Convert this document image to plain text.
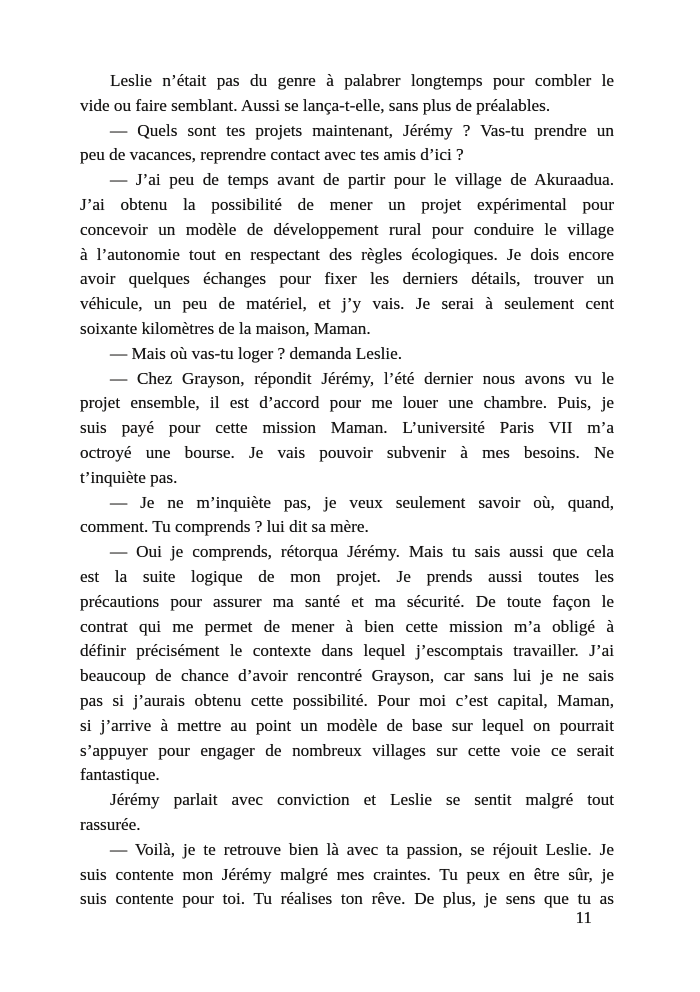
Leslie n’était pas du genre à palabrer longtemps pour combler le
vide ou faire semblant. Aussi se lança-t-elle, sans plus de préalables.
— Quels sont tes projets maintenant, Jérémy ? Vas-tu prendre un
peu de vacances, reprendre contact avec tes amis d’ici ?
— J’ai peu de temps avant de partir pour le village de Akuraadua.
J’ai obtenu la possibilité de mener un projet expérimental pour
concevoir un modèle de développement rural pour conduire le village
à l’autonomie tout en respectant des règles écologiques. Je dois encore
avoir quelques échanges pour fixer les derniers détails, trouver un
véhicule, un peu de matériel, et j’y vais. Je serai à seulement cent
soixante kilomètres de la maison, Maman.
— Mais où vas-tu loger ? demanda Leslie.
— Chez Grayson, répondit Jérémy, l’été dernier nous avons vu le
projet ensemble, il est d’accord pour me louer une chambre. Puis, je
suis payé pour cette mission Maman. L’université Paris VII m’a
octroyé une bourse. Je vais pouvoir subvenir à mes besoins. Ne
t’inquiète pas.
— Je ne m’inquiète pas, je veux seulement savoir où, quand,
comment. Tu comprends ? lui dit sa mère.
— Oui je comprends, rétorqua Jérémy. Mais tu sais aussi que cela
est la suite logique de mon projet. Je prends aussi toutes les
précautions pour assurer ma santé et ma sécurité. De toute façon le
contrat qui me permet de mener à bien cette mission m’a obligé à
définir précisément le contexte dans lequel j’escomptais travailler. J’ai
beaucoup de chance d’avoir rencontré Grayson, car sans lui je ne sais
pas si j’aurais obtenu cette possibilité. Pour moi c’est capital, Maman,
si j’arrive à mettre au point un modèle de base sur lequel on pourrait
s’appuyer pour engager de nombreux villages sur cette voie ce serait
fantastique.
Jérémy parlait avec conviction et Leslie se sentit malgré tout
rassurée.
— Voilà, je te retrouve bien là avec ta passion, se réjouit Leslie. Je
suis contente mon Jérémy malgré mes craintes. Tu peux en être sûr, je
suis contente pour toi. Tu réalises ton rêve. De plus, je sens que tu as
11
